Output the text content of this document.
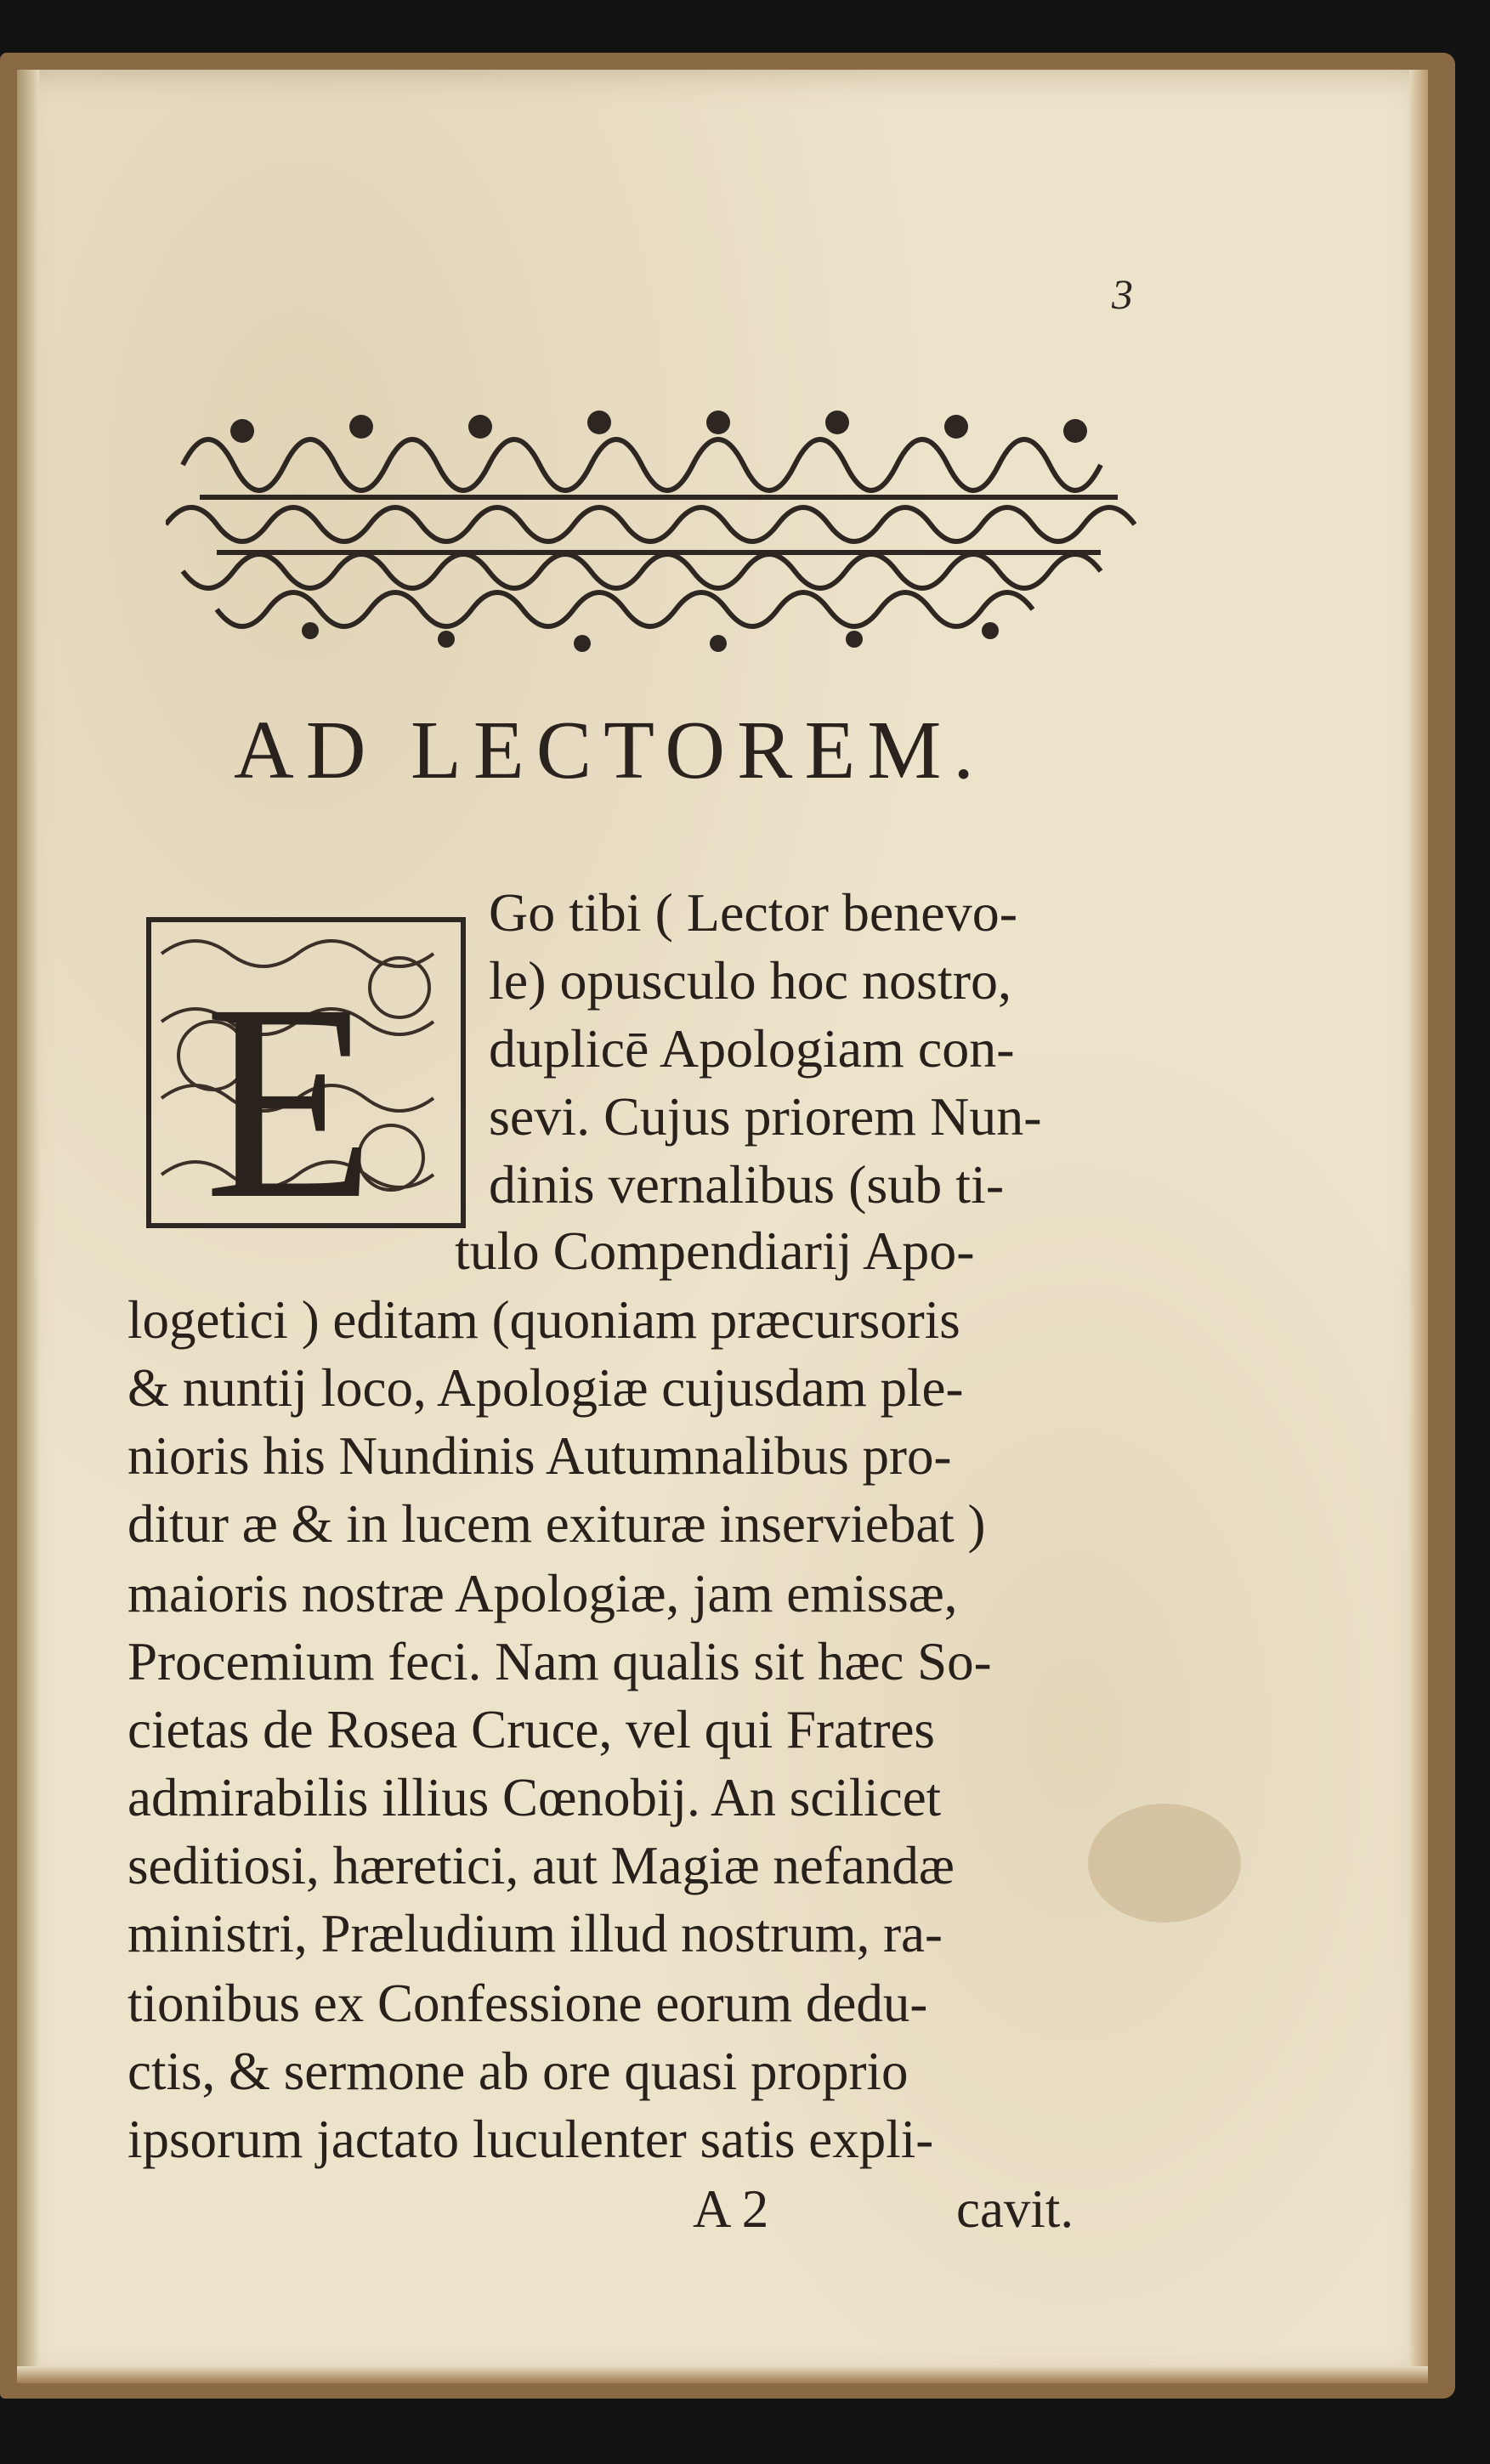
3
AD LECTOREM.
E
Go tibi ( Lector benevo-
le) opusculo hoc nostro,
duplicē Apologiam con-
sevi. Cujus priorem Nun-
dinis vernalibus (sub ti-
tulo Compendiarij Apo-
logetici ) editam (quoniam præcursoris
& nuntij loco, Apologiæ cujusdam ple-
nioris his Nundinis Autumnalibus pro-
ditur æ & in lucem exituræ inserviebat )
maioris nostræ Apologiæ, jam emissæ,
Procemium feci. Nam qualis sit hæc So-
cietas de Rosea Cruce, vel qui Fratres
admirabilis illius Cœnobij. An scilicet
seditiosi, hæretici, aut Magiæ nefandæ
ministri, Præludium illud nostrum, ra-
tionibus ex Confessione eorum dedu-
ctis, & sermone ab ore quasi proprio
ipsorum jactato luculenter satis expli-
A 2	cavit.
